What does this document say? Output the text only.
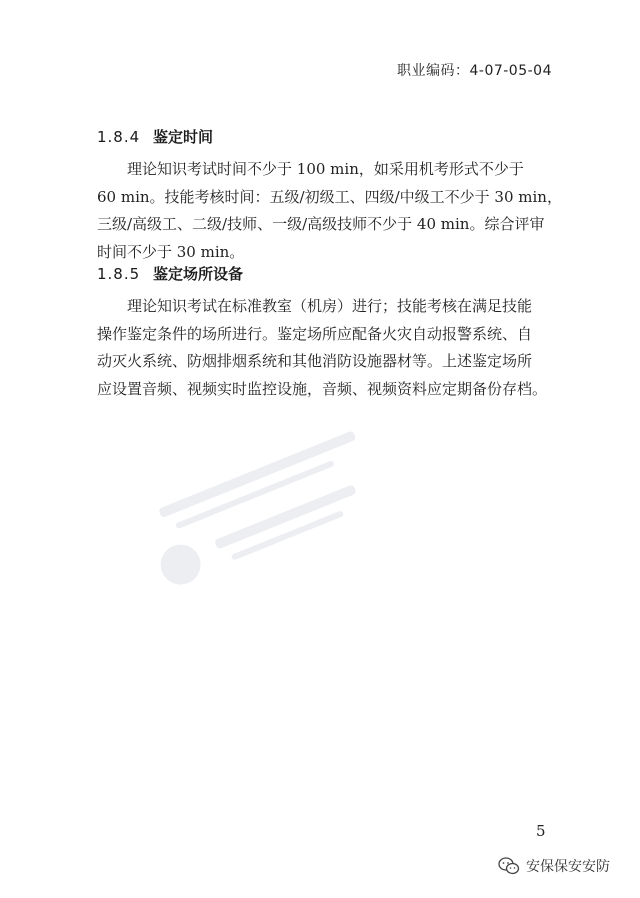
职业编码：4-07-05-04
1.8.4 鉴定时间
理论知识考试时间不少于 100 min，如采用机考形式不少于
60 min。技能考核时间：五级/初级工、四级/中级工不少于 30 min，
三级/高级工、二级/技师、一级/高级技师不少于 40 min。综合评审
时间不少于 30 min。
1.8.5 鉴定场所设备
理论知识考试在标准教室（机房）进行；技能考核在满足技能
操作鉴定条件的场所进行。鉴定场所应配备火灾自动报警系统、自
动灭火系统、防烟排烟系统和其他消防设施器材等。上述鉴定场所
应设置音频、视频实时监控设施，音频、视频资料应定期备份存档。
5
安保保安安防
